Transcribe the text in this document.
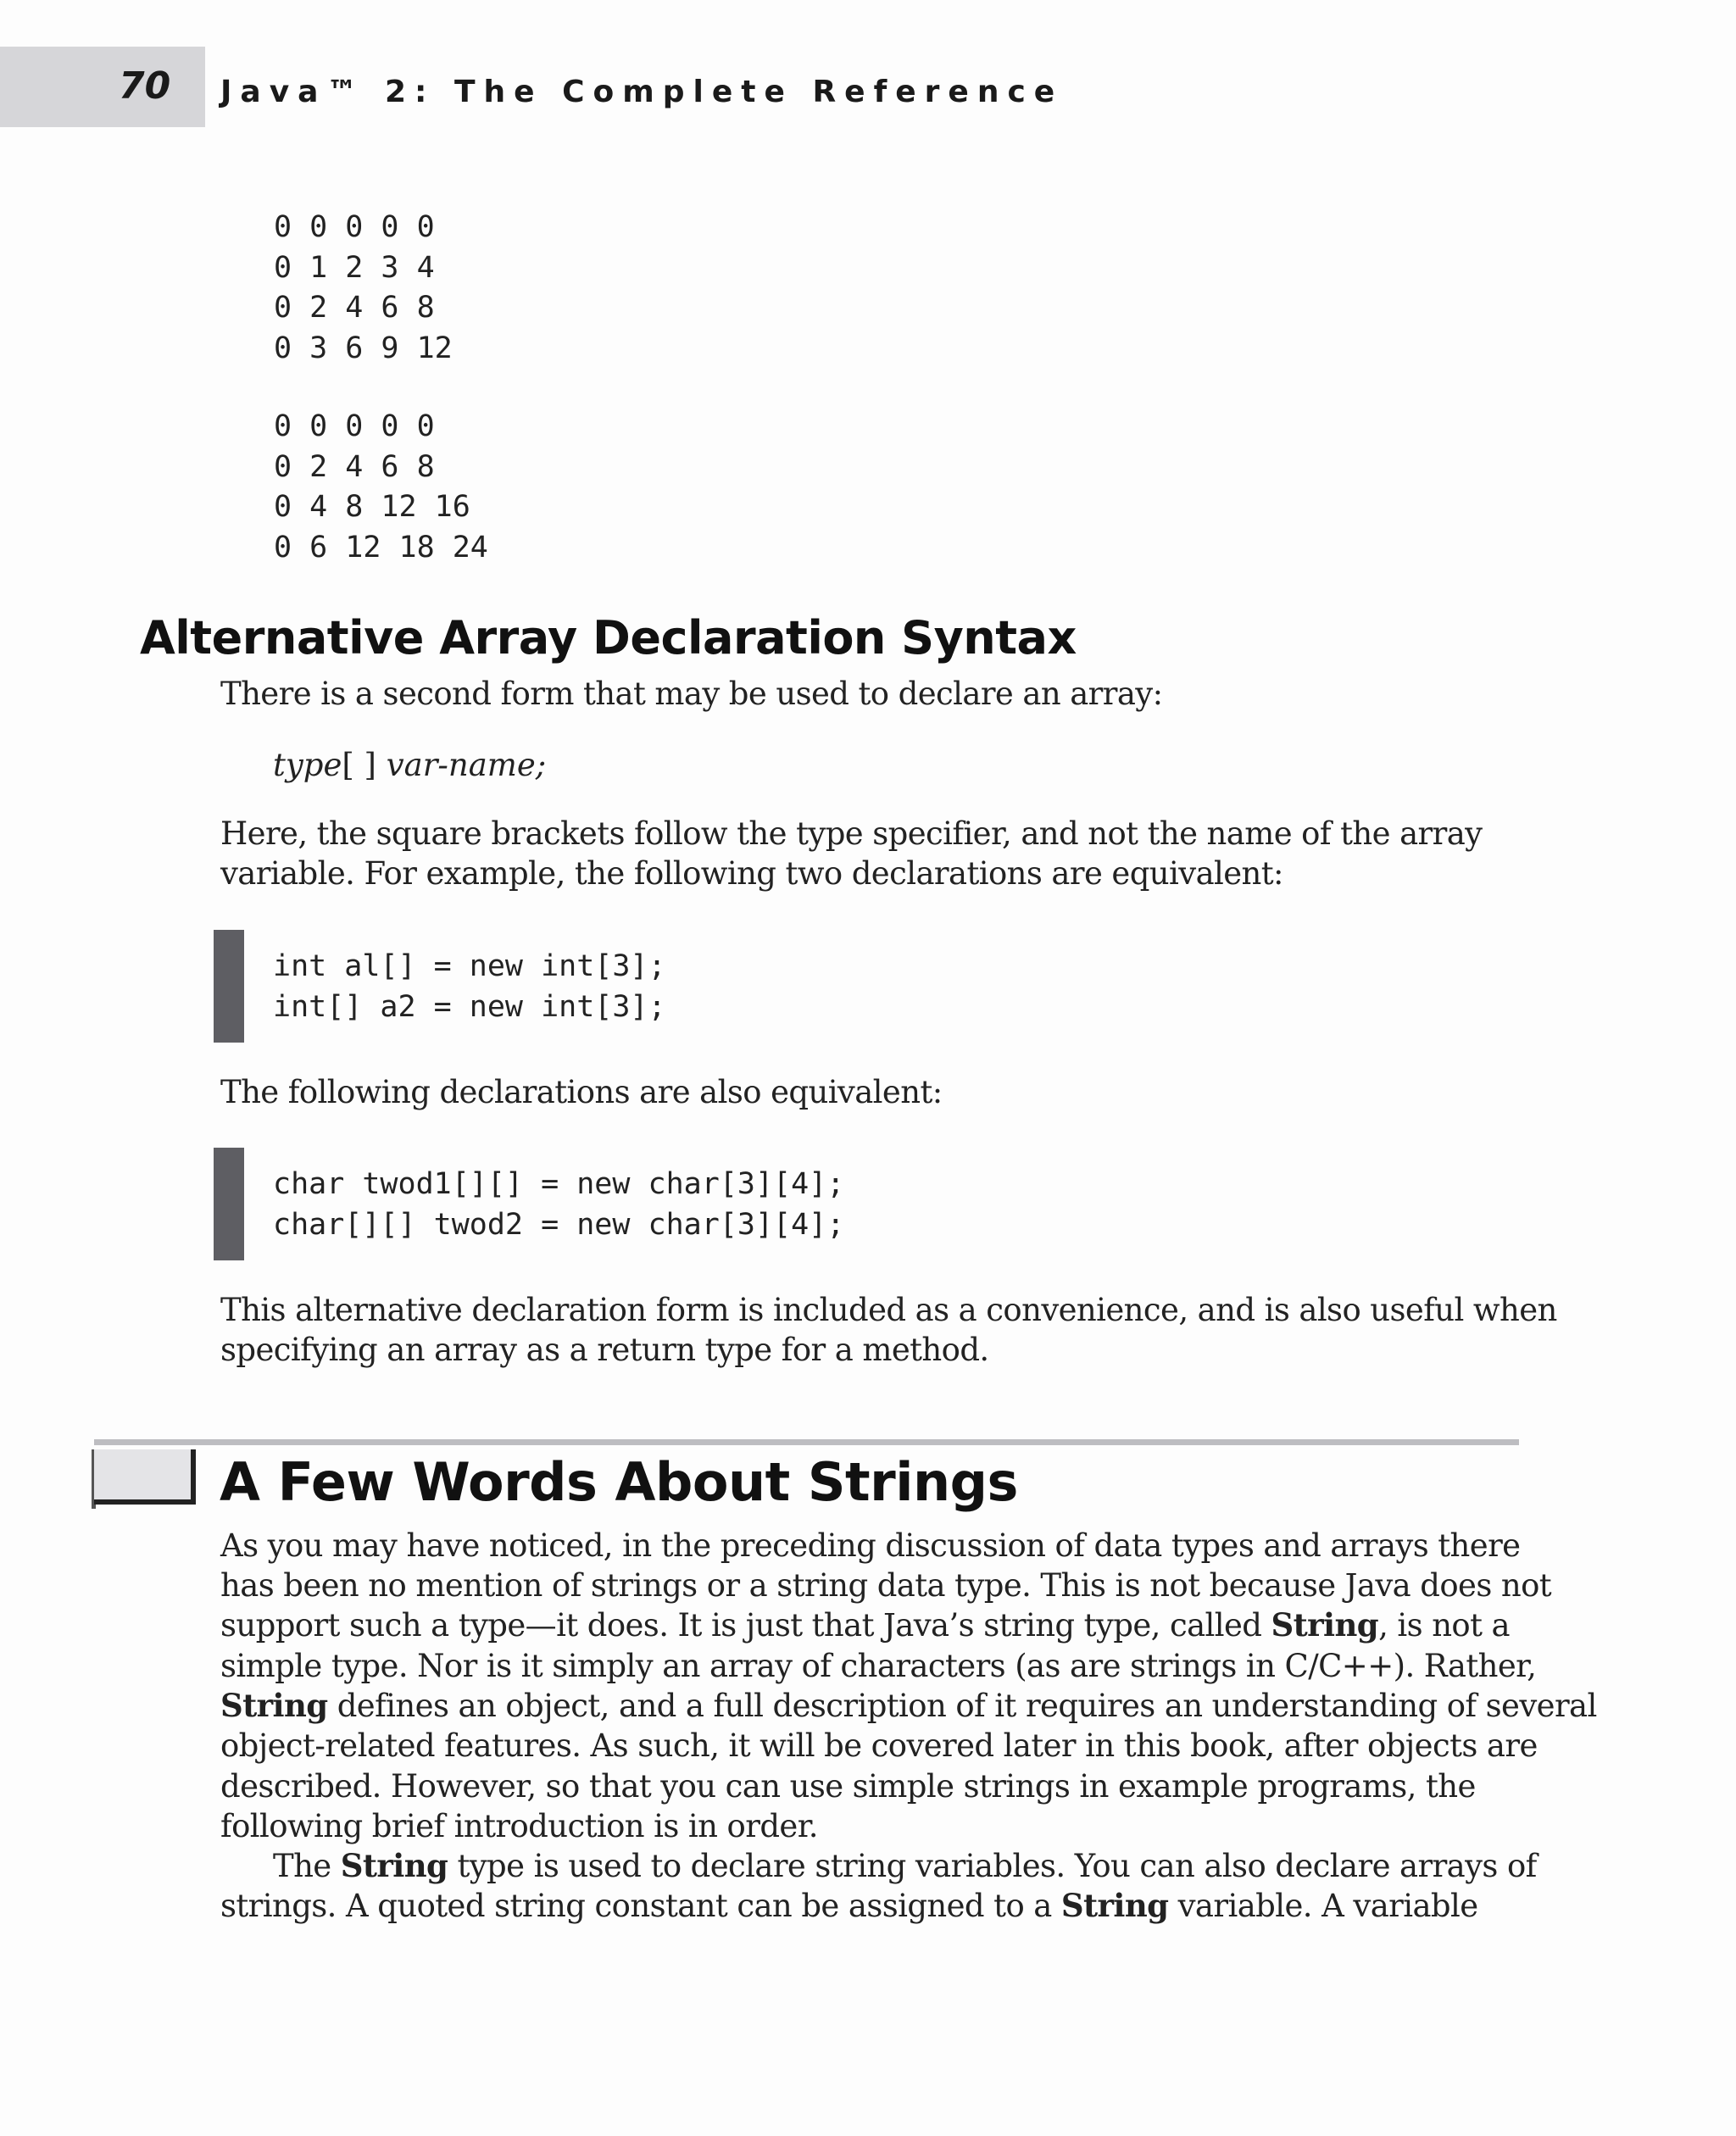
70 Java™ 2: The Complete Reference
0 0 0 0 0
0 1 2 3 4
0 2 4 6 8
0 3 6 9 12
0 0 0 0 0
0 2 4 6 8
0 4 8 12 16
0 6 12 18 24
Alternative Array Declaration Syntax

There is a second form that may be used to declare an array:

type[ ] var-name;

Here, the square brackets follow the type specifier, and not the name of the array

variable. For example, the following two declarations are equivalent:

int al[] = new int[3];
int[] a2 = new int[3];

The following declarations are also equivalent:

char twod1[][] = new char[3][4];
char[][] twod2 = new char[3][4];

This alternative declaration form is included as a convenience, and is also useful when

specifying an array as a return type for a method.

A Few Words About Strings

As you may have noticed, in the preceding discussion of data types and arrays there

has been no mention of strings or a string data type. This is not because Java does not

support such a type—it does. It is just that Java’s string type, called String, is not a

simple type. Nor is it simply an array of characters (as are strings in C/C++). Rather,

String defines an object, and a full description of it requires an understanding of several

object-related features. As such, it will be covered later in this book, after objects are

described. However, so that you can use simple strings in example programs, the

following brief introduction is in order.

The String type is used to declare string variables. You can also declare arrays of

strings. A quoted string constant can be assigned to a String variable. A variable
